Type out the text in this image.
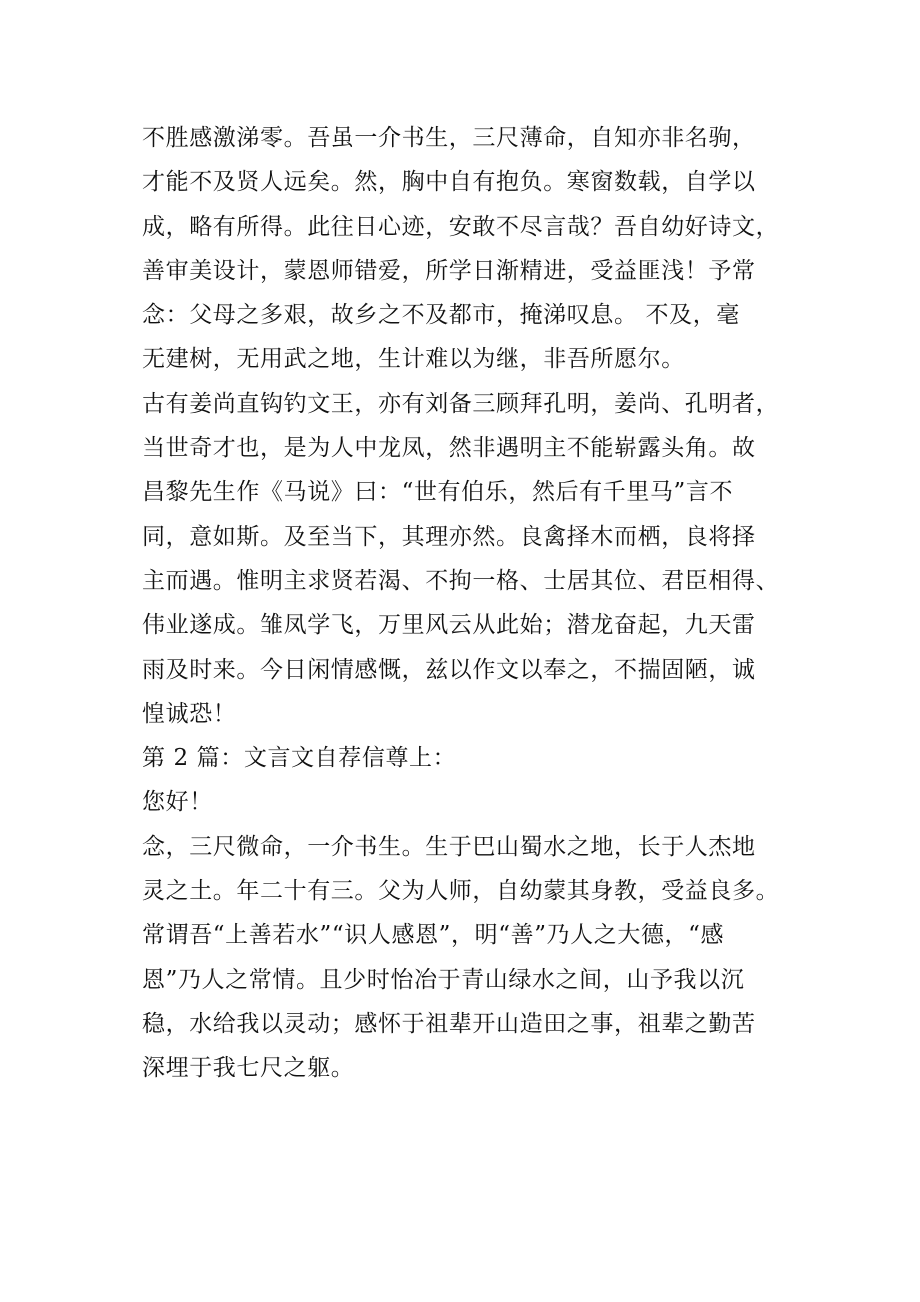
不胜感激涕零。吾虽一介书生，三尺薄命，自知亦非名驹，
才能不及贤人远矣。然，胸中自有抱负。寒窗数载，自学以
成，略有所得。此往日心迹，安敢不尽言哉？吾自幼好诗文，
善审美设计，蒙恩师错爱，所学日渐精进，受益匪浅！予常
念：父母之多艰，故乡之不及都市，掩涕叹息。 不及，毫
无建树，无用武之地，生计难以为继，非吾所愿尔。

古有姜尚直钩钓文王，亦有刘备三顾拜孔明，姜尚、孔明者，
当世奇才也，是为人中龙凤，然非遇明主不能崭露头角。故
昌黎先生作《马说》曰：“世有伯乐，然后有千里马”言不
同，意如斯。及至当下，其理亦然。良禽择木而栖，良将择
主而遇。惟明主求贤若渴、不拘一格、士居其位、君臣相得、
伟业遂成。雏凤学飞，万里风云从此始；潜龙奋起，九天雷
雨及时来。今日闲情感慨，兹以作文以奉之，不揣固陋，诚
惶诚恐！

第 2 篇：文言文自荐信尊上：

您好！

念，三尺微命，一介书生。生于巴山蜀水之地，长于人杰地
灵之土。年二十有三。父为人师，自幼蒙其身教，受益良多。
常谓吾“上善若水”“识人感恩”，明“善”乃人之大德，“感
恩”乃人之常情。且少时怡冶于青山绿水之间，山予我以沉
稳，水给我以灵动；感怀于祖辈开山造田之事，祖辈之勤苦
深埋于我七尺之躯。
